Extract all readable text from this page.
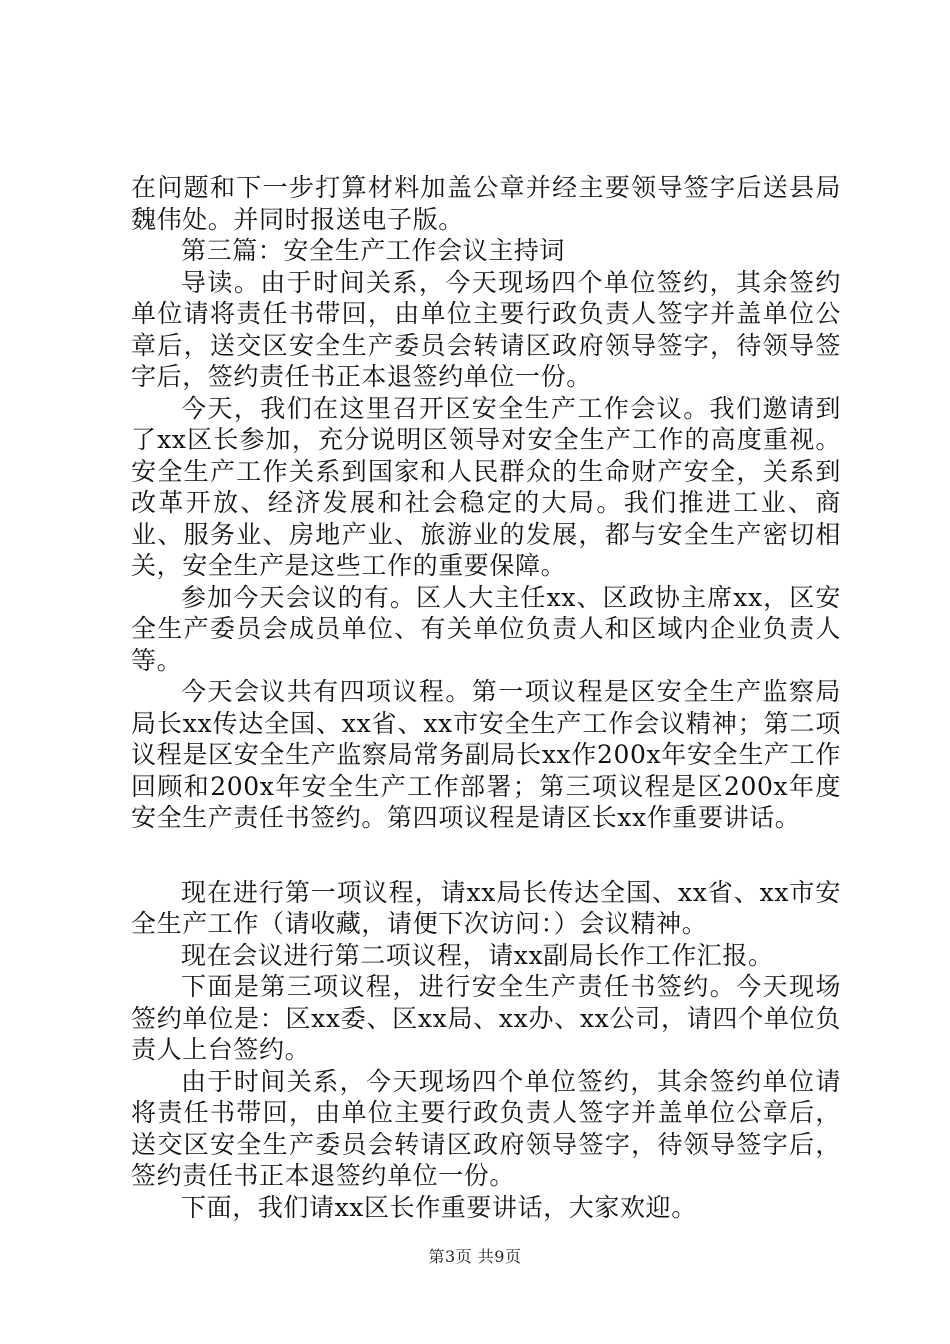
在问题和下一步打算材料加盖公章并经主要领导签字后送县局魏伟处。并同时报送电子版。

第三篇：安全生产工作会议主持词

导读。由于时间关系，今天现场四个单位签约，其余签约单位请将责任书带回，由单位主要行政负责人签字并盖单位公章后，送交区安全生产委员会转请区政府领导签字，待领导签字后，签约责任书正本退签约单位一份。

今天，我们在这里召开区安全生产工作会议。我们邀请到了xx区长参加，充分说明区领导对安全生产工作的高度重视。安全生产工作关系到国家和人民群众的生命财产安全，关系到改革开放、经济发展和社会稳定的大局。我们推进工业、商业、服务业、房地产业、旅游业的发展，都与安全生产密切相关，安全生产是这些工作的重要保障。

参加今天会议的有。区人大主任xx、区政协主席xx，区安全生产委员会成员单位、有关单位负责人和区域内企业负责人等。

今天会议共有四项议程。第一项议程是区安全生产监察局局长xx传达全国、xx省、xx市安全生产工作会议精神；第二项议程是区安全生产监察局常务副局长xx作200x年安全生产工作回顾和200x年安全生产工作部署；第三项议程是区200x年度安全生产责任书签约。第四项议程是请区长xx作重要讲话。

现在进行第一项议程，请xx局长传达全国、xx省、xx市安全生产工作（请收藏，请便下次访问：）会议精神。

现在会议进行第二项议程，请xx副局长作工作汇报。

下面是第三项议程，进行安全生产责任书签约。今天现场签约单位是：区xx委、区xx局、xx办、xx公司，请四个单位负责人上台签约。

由于时间关系，今天现场四个单位签约，其余签约单位请将责任书带回，由单位主要行政负责人签字并盖单位公章后，送交区安全生产委员会转请区政府领导签字，待领导签字后，签约责任书正本退签约单位一份。

下面，我们请xx区长作重要讲话，大家欢迎。

第3页 共9页
